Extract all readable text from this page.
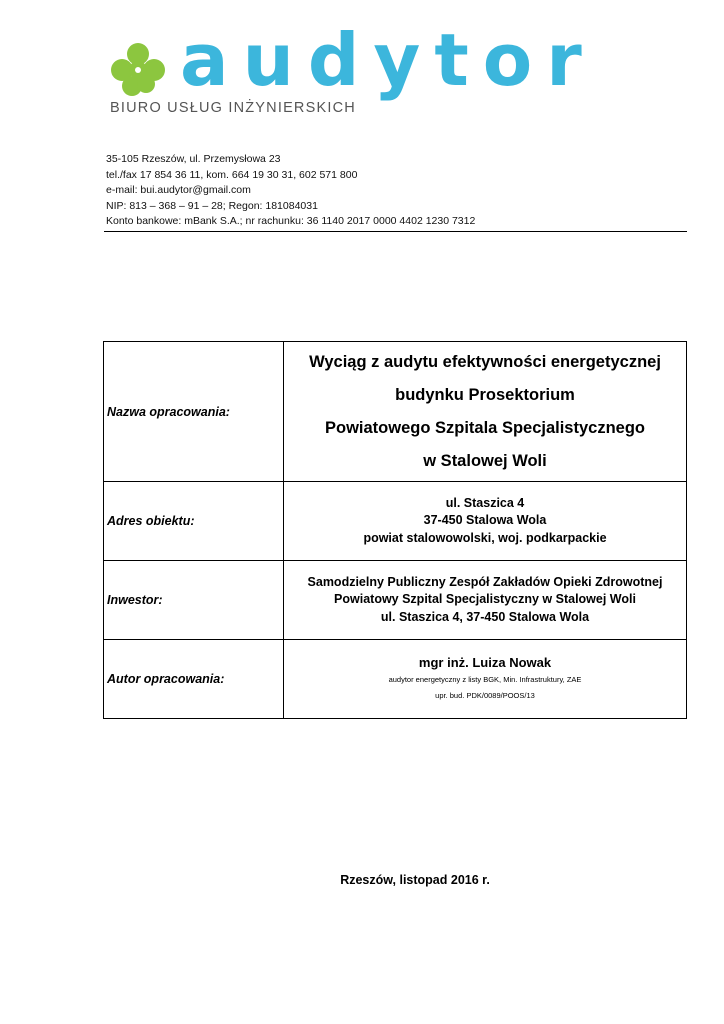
audytor
BIURO USŁUG INŻYNIERSKICH
35-105 Rzeszów, ul. Przemysłowa 23
tel./fax 17 854 36 11, kom. 664 19 30 31, 602 571 800
e-mail: bui.audytor@gmail.com
NIP: 813 – 368 – 91 – 28; Regon: 181084031
Konto bankowe: mBank S.A.; nr rachunku: 36 1140 2017 0000 4402 1230 7312
Nazwa opracowania:	Wyciąg z audytu efektywności energetycznej
budynku Prosektorium
Powiatowego Szpitala Specjalistycznego
w Stalowej Woli

Adres obiektu:	ul. Staszica 4
37-450 Stalowa Wola
powiat stalowowolski, woj. podkarpackie

Inwestor:	Samodzielny Publiczny Zespół Zakładów Opieki Zdrowotnej
Powiatowy Szpital Specjalistyczny w Stalowej Woli
ul. Staszica 4, 37-450 Stalowa Wola

Autor opracowania:	mgr inż. Luiza Nowak
audytor energetyczny z listy BGK, Min. Infrastruktury, ZAE
upr. bud. PDK/0089/POOS/13
Rzeszów, listopad 2016 r.
